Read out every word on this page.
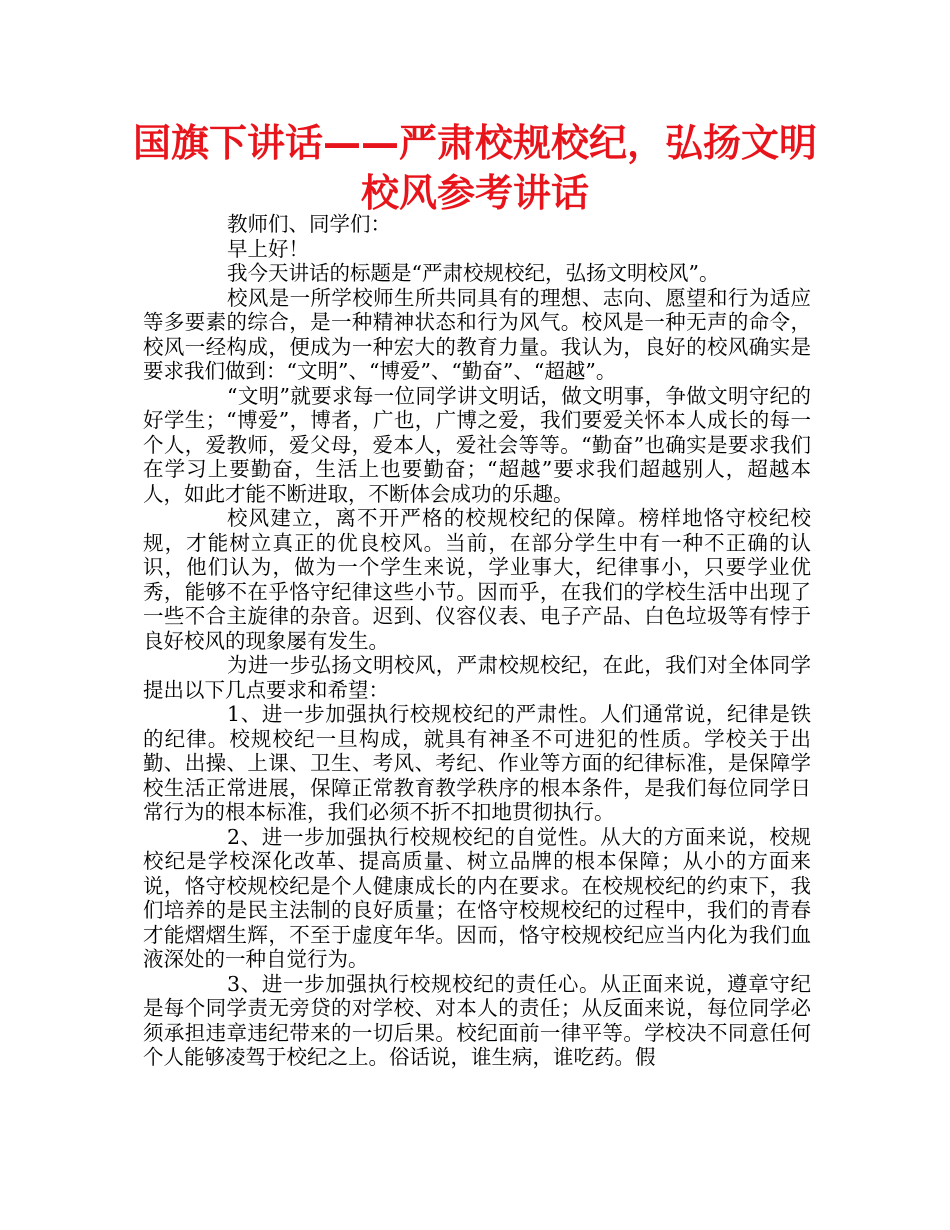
国旗下讲话——严肃校规校纪，弘扬文明
校风参考讲话

教师们、同学们：

早上好！

我今天讲话的标题是“严肃校规校纪，弘扬文明校风”。

校风是一所学校师生所共同具有的理想、志向、愿望和行为适应等多要素的综合，是一种精神状态和行为风气。校风是一种无声的命令，校风一经构成，便成为一种宏大的教育力量。我认为，良好的校风确实是要求我们做到：“文明”、“博爱”、“勤奋”、“超越”。

“文明”就要求每一位同学讲文明话，做文明事，争做文明守纪的好学生；“博爱”，博者，广也，广博之爱，我们要爱关怀本人成长的每一个人，爱教师，爱父母，爱本人，爱社会等等。“勤奋”也确实是要求我们在学习上要勤奋，生活上也要勤奋；“超越”要求我们超越别人，超越本人，如此才能不断进取，不断体会成功的乐趣。

校风建立，离不开严格的校规校纪的保障。榜样地恪守校纪校规，才能树立真正的优良校风。当前，在部分学生中有一种不正确的认识，他们认为，做为一个学生来说，学业事大，纪律事小，只要学业优秀，能够不在乎恪守纪律这些小节。因而乎，在我们的学校生活中出现了一些不合主旋律的杂音。迟到、仪容仪表、电子产品、白色垃圾等有悖于良好校风的现象屡有发生。

为进一步弘扬文明校风，严肃校规校纪，在此，我们对全体同学提出以下几点要求和希望：

1、进一步加强执行校规校纪的严肃性。人们通常说，纪律是铁的纪律。校规校纪一旦构成，就具有神圣不可进犯的性质。学校关于出勤、出操、上课、卫生、考风、考纪、作业等方面的纪律标准，是保障学校生活正常进展，保障正常教育教学秩序的根本条件，是我们每位同学日常行为的根本标准，我们必须不折不扣地贯彻执行。

2、进一步加强执行校规校纪的自觉性。从大的方面来说，校规校纪是学校深化改革、提高质量、树立品牌的根本保障；从小的方面来说，恪守校规校纪是个人健康成长的内在要求。在校规校纪的约束下，我们培养的是民主法制的良好质量；在恪守校规校纪的过程中，我们的青春才能熠熠生辉，不至于虚度年华。因而，恪守校规校纪应当内化为我们血液深处的一种自觉行为。

3、进一步加强执行校规校纪的责任心。从正面来说，遵章守纪是每个同学责无旁贷的对学校、对本人的责任；从反面来说，每位同学必须承担违章违纪带来的一切后果。校纪面前一律平等。学校决不同意任何个人能够凌驾于校纪之上。俗话说，谁生病，谁吃药。假
